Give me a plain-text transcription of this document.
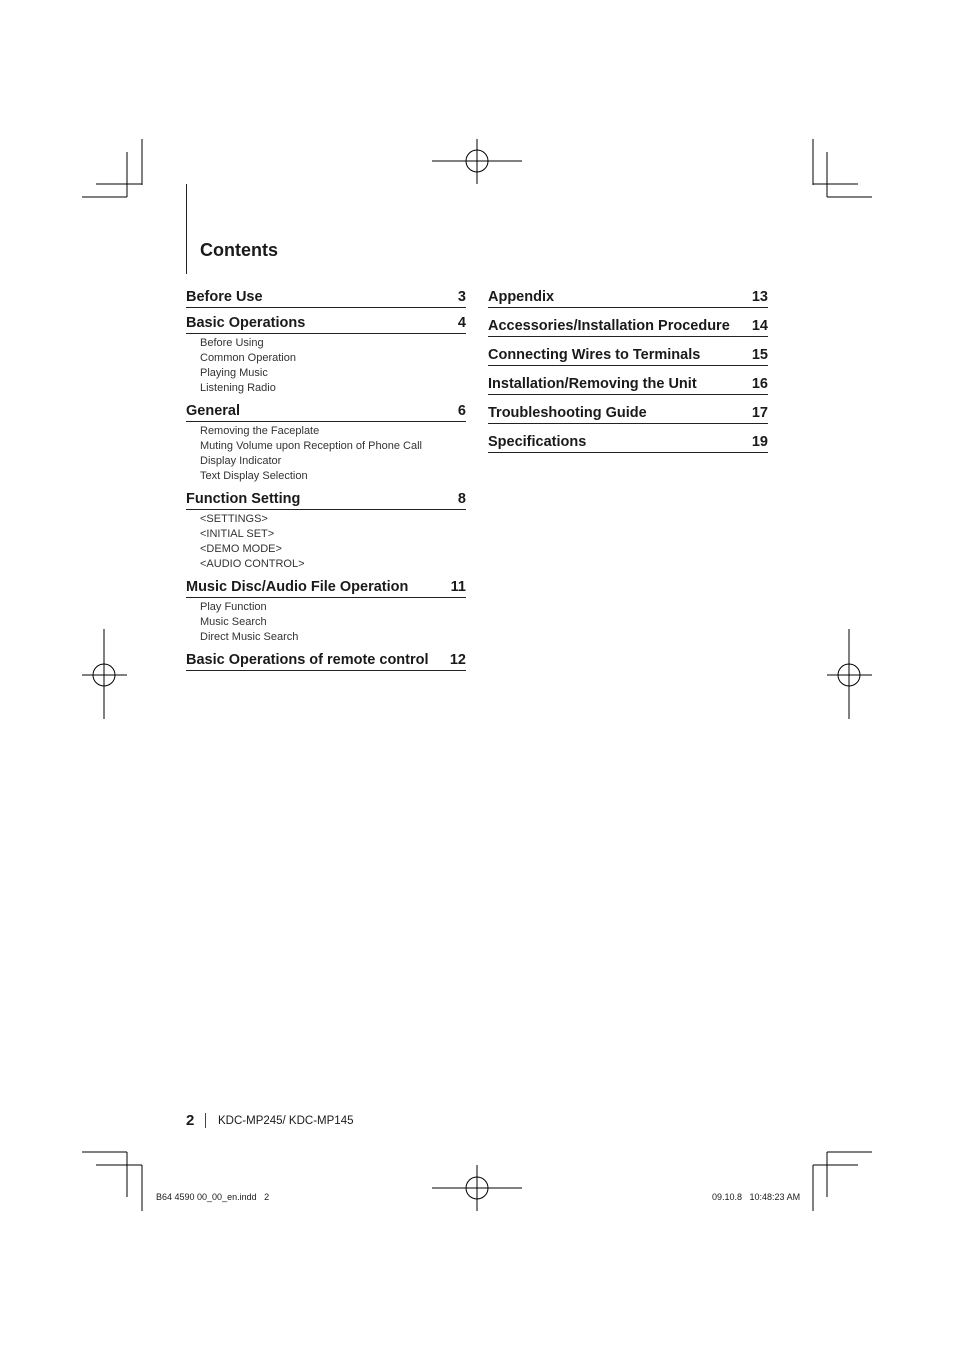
Contents
Before Use	3
Basic Operations	4
Before Using
Common Operation
Playing Music
Listening Radio
General	6
Removing the Faceplate
Muting Volume upon Reception of Phone Call
Display Indicator
Text Display Selection
Function Setting	8
<SETTINGS>
<INITIAL SET>
<DEMO MODE>
<AUDIO CONTROL>
Music Disc/Audio File Operation	11
Play Function
Music Search
Direct Music Search
Basic Operations of remote control 12
Appendix	13
Accessories/Installation Procedure 14
Connecting Wires to Terminals	15
Installation/Removing the Unit	16
Troubleshooting Guide	17
Specifications	19
2 KDC-MP245/ KDC-MP145
B64 4590 00_00_en.indd   2	09.10.8   10:48:23 AM
